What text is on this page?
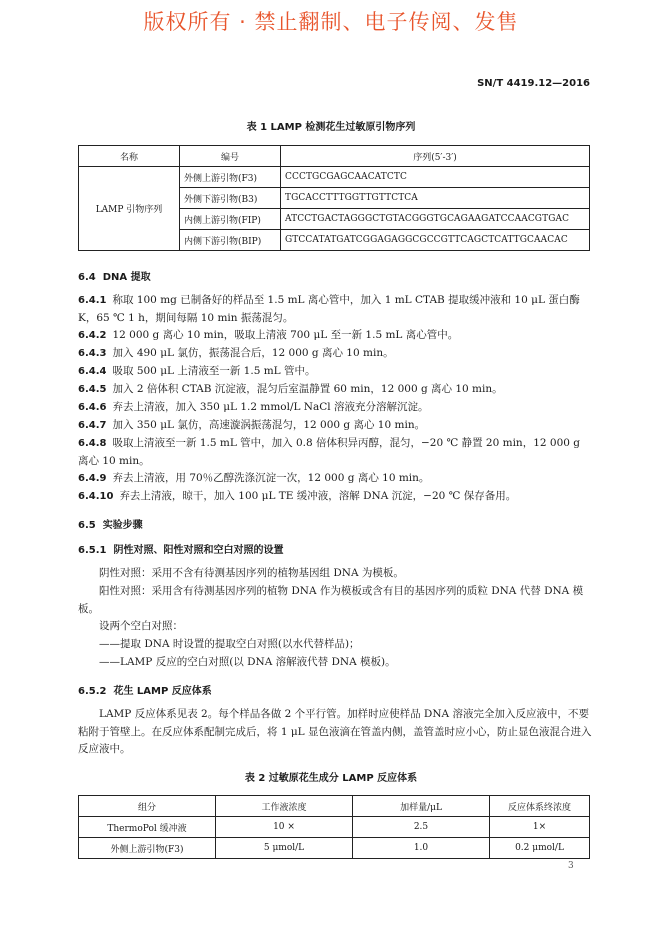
版权所有 · 禁止翻制、电子传阅、发售
SN/T 4419.12—2016
表 1 LAMP 检测花生过敏原引物序列
名称	编号	序列(5′-3′)
LAMP 引物序列	外侧上游引物(F3)	CCCTGCGAGCAACATCTC
	外侧下游引物(B3)	TGCACCTTTGGTTGTTCTCA
	内侧上游引物(FIP)	ATCCTGACTAGGGCTGTACGGGTGCAGAAGATCCAACGTGAC
	内侧下游引物(BIP)	GTCCATATGATCGGAGAGGCGCCGTTCAGCTCATTGCAACAC
6.4 DNA 提取
6.4.1 称取 100 mg 已制备好的样品至 1.5 mL 离心管中，加入 1 mL CTAB 提取缓冲液和 10 μL 蛋白酶 K，65 ℃ 1 h，期间每隔 10 min 振荡混匀。
6.4.2 12 000 g 离心 10 min，吸取上清液 700 μL 至一新 1.5 mL 离心管中。
6.4.3 加入 490 μL 氯仿，振荡混合后，12 000 g 离心 10 min。
6.4.4 吸取 500 μL 上清液至一新 1.5 mL 管中。
6.4.5 加入 2 倍体积 CTAB 沉淀液，混匀后室温静置 60 min，12 000 g 离心 10 min。
6.4.6 弃去上清液，加入 350 μL 1.2 mmol/L NaCl 溶液充分溶解沉淀。
6.4.7 加入 350 μL 氯仿，高速漩涡振荡混匀，12 000 g 离心 10 min。
6.4.8 吸取上清液至一新 1.5 mL 管中，加入 0.8 倍体积异丙醇，混匀，−20 ℃ 静置 20 min，12 000 g 离心 10 min。
6.4.9 弃去上清液，用 70％乙醇洗涤沉淀一次，12 000 g 离心 10 min。
6.4.10 弃去上清液，晾干，加入 100 μL TE 缓冲液，溶解 DNA 沉淀，−20 ℃ 保存备用。
6.5 实验步骤
6.5.1 阴性对照、阳性对照和空白对照的设置
阴性对照：采用不含有待测基因序列的植物基因组 DNA 为模板。
阳性对照：采用含有待测基因序列的植物 DNA 作为模板或含有目的基因序列的质粒 DNA 代替 DNA 模板。
设两个空白对照：
——提取 DNA 时设置的提取空白对照(以水代替样品)；
——LAMP 反应的空白对照(以 DNA 溶解液代替 DNA 模板)。
6.5.2 花生 LAMP 反应体系
LAMP 反应体系见表 2。每个样品各做 2 个平行管。加样时应使样品 DNA 溶液完全加入反应液中，不要粘附于管壁上。在反应体系配制完成后，将 1 μL 显色液滴在管盖内侧，盖管盖时应小心，防止显色液混合进入反应液中。
表 2 过敏原花生成分 LAMP 反应体系
组分	工作液浓度	加样量/μL	反应体系终浓度
ThermoPol 缓冲液	10 ×	2.5	1×
外侧上游引物(F3)	5 μmol/L	1.0	0.2 μmol/L
3
